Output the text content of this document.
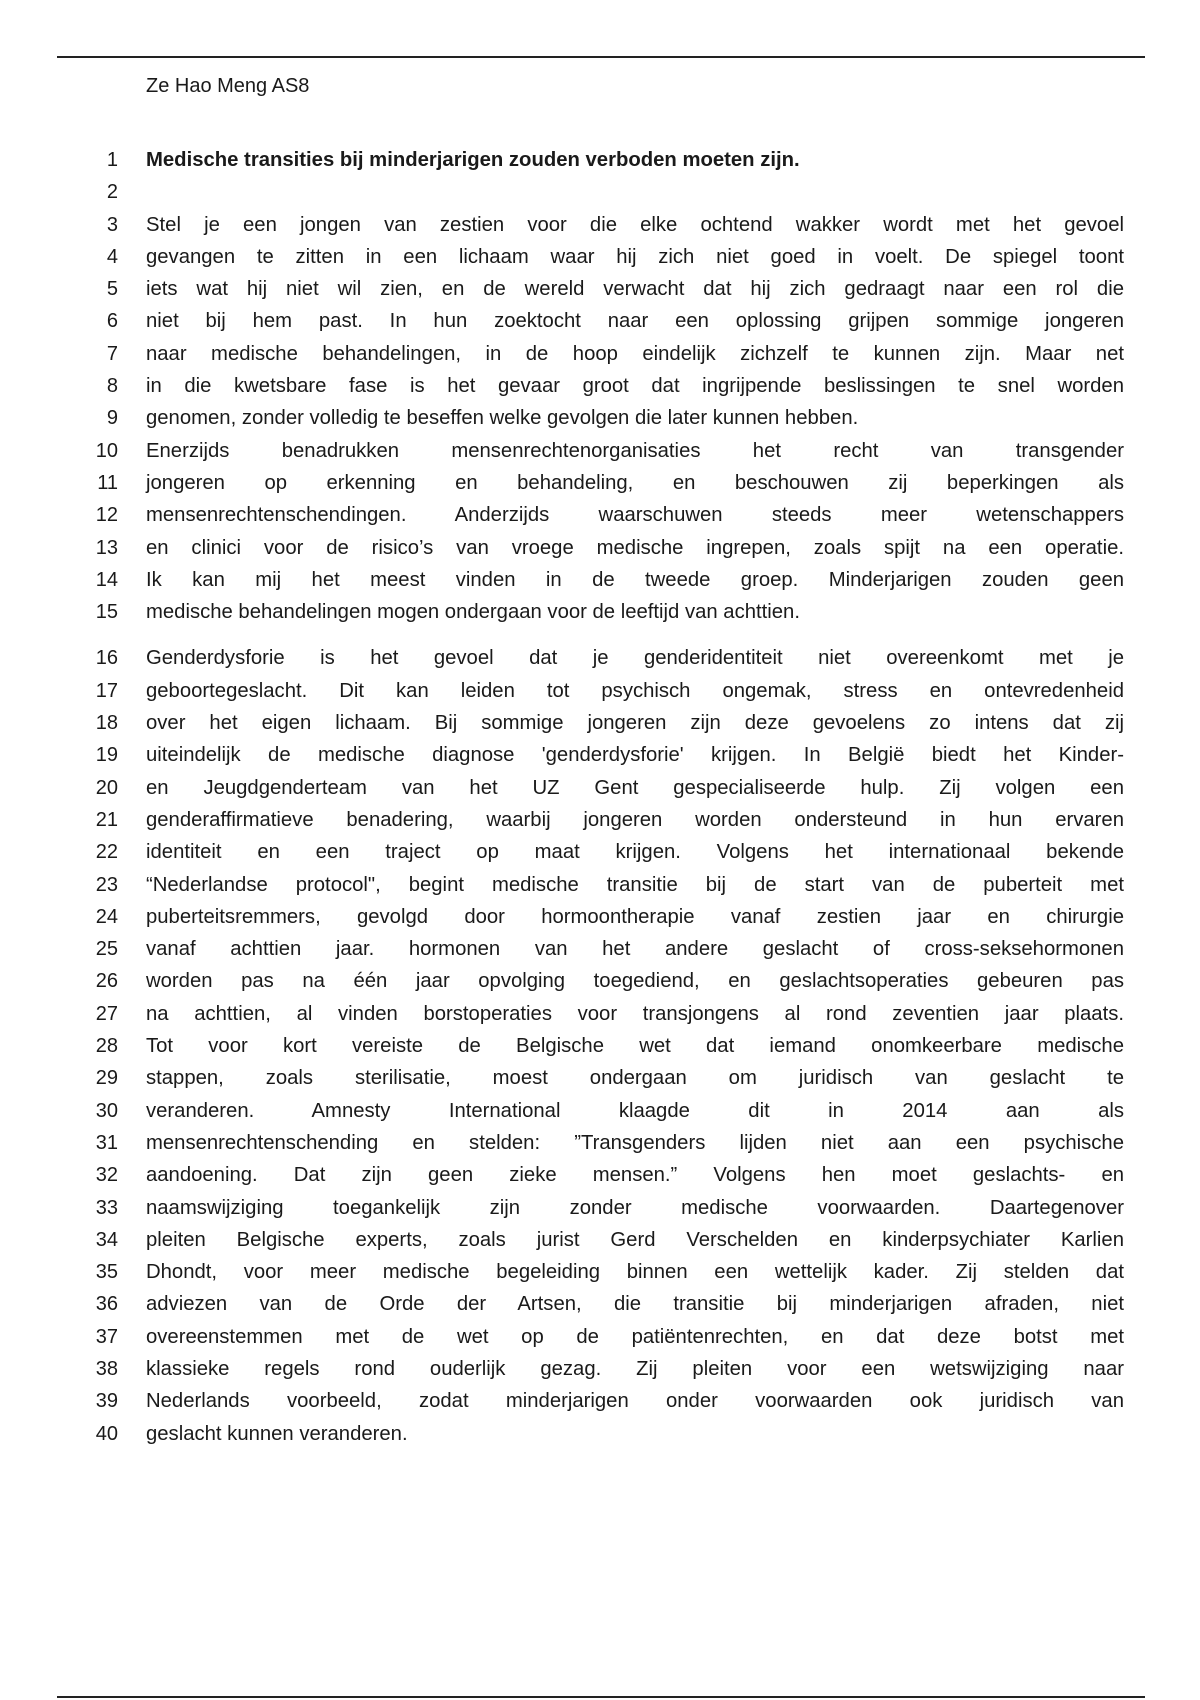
Ze Hao Meng AS8
1 Medische transities bij minderjarigen zouden verboden moeten zijn.
2
3 Stel je een jongen van zestien voor die elke ochtend wakker wordt met het gevoel
4 gevangen te zitten in een lichaam waar hij zich niet goed in voelt. De spiegel toont
5 iets wat hij niet wil zien, en de wereld verwacht dat hij zich gedraagt naar een rol die
6 niet bij hem past. In hun zoektocht naar een oplossing grijpen sommige jongeren
7 naar medische behandelingen, in de hoop eindelijk zichzelf te kunnen zijn. Maar net
8 in die kwetsbare fase is het gevaar groot dat ingrijpende beslissingen te snel worden
9 genomen, zonder volledig te beseffen welke gevolgen die later kunnen hebben.
10 Enerzijds benadrukken mensenrechtenorganisaties het recht van transgender
11 jongeren op erkenning en behandeling, en beschouwen zij beperkingen als
12 mensenrechtenschendingen. Anderzijds waarschuwen steeds meer wetenschappers
13 en clinici voor de risico’s van vroege medische ingrepen, zoals spijt na een operatie.
14 Ik kan mij het meest vinden in de tweede groep. Minderjarigen zouden geen
15 medische behandelingen mogen ondergaan voor de leeftijd van achttien.
16 Genderdysforie is het gevoel dat je genderidentiteit niet overeenkomt met je
17 geboortegeslacht. Dit kan leiden tot psychisch ongemak, stress en ontevredenheid
18 over het eigen lichaam. Bij sommige jongeren zijn deze gevoelens zo intens dat zij
19 uiteindelijk de medische diagnose 'genderdysforie' krijgen. In België biedt het Kinder-
20 en Jeugdgenderteam van het UZ Gent gespecialiseerde hulp. Zij volgen een
21 genderaffirmatieve benadering, waarbij jongeren worden ondersteund in hun ervaren
22 identiteit en een traject op maat krijgen. Volgens het internationaal bekende
23 “Nederlandse protocol", begint medische transitie bij de start van de puberteit met
24 puberteitsremmers, gevolgd door hormoontherapie vanaf zestien jaar en chirurgie
25 vanaf achttien jaar. hormonen van het andere geslacht of cross-seksehormonen
26 worden pas na één jaar opvolging toegediend, en geslachtsoperaties gebeuren pas
27 na achttien, al vinden borstoperaties voor transjongens al rond zeventien jaar plaats.
28 Tot voor kort vereiste de Belgische wet dat iemand onomkeerbare medische
29 stappen, zoals sterilisatie, moest ondergaan om juridisch van geslacht te
30 veranderen. Amnesty International klaagde dit in 2014 aan als
31 mensenrechtenschending en stelden: ”Transgenders lijden niet aan een psychische
32 aandoening. Dat zijn geen zieke mensen.” Volgens hen moet geslachts- en
33 naamswijziging toegankelijk zijn zonder medische voorwaarden. Daartegenover
34 pleiten Belgische experts, zoals jurist Gerd Verschelden en kinderpsychiater Karlien
35 Dhondt, voor meer medische begeleiding binnen een wettelijk kader. Zij stelden dat
36 adviezen van de Orde der Artsen, die transitie bij minderjarigen afraden, niet
37 overeenstemmen met de wet op de patiëntenrechten, en dat deze botst met
38 klassieke regels rond ouderlijk gezag. Zij pleiten voor een wetswijziging naar
39 Nederlands voorbeeld, zodat minderjarigen onder voorwaarden ook juridisch van
40 geslacht kunnen veranderen.
